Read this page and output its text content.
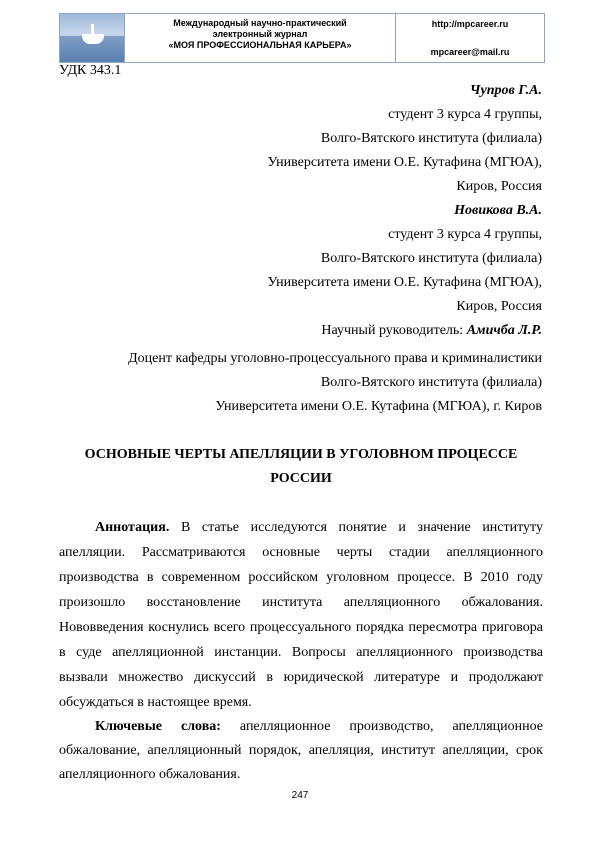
Международный научно-практический
электронный журнал
«МОЯ ПРОФЕССИОНАЛЬНАЯ КАРЬЕРА»
http://mpcareer.ru
mpcareer@mail.ru
УДК 343.1
Чупров Г.А.
студент 3 курса 4 группы,
Волго-Вятского института (филиала)
Университета имени О.Е. Кутафина (МГЮА),
Киров, Россия
Новикова В.А.
студент 3 курса 4 группы,
Волго-Вятского института (филиала)
Университета имени О.Е. Кутафина (МГЮА),
Киров, Россия
Научный руководитель: Амичба Л.Р.
Доцент кафедры уголовно-процессуального права и криминалистики
Волго-Вятского института (филиала)
Университета имени О.Е. Кутафина (МГЮА), г. Киров
ОСНОВНЫЕ ЧЕРТЫ АПЕЛЛЯЦИИ В УГОЛОВНОМ ПРОЦЕССЕ
РОССИИ
Аннотация. В статье исследуются понятие и значение институту
апелляции. Рассматриваются основные черты стадии апелляционного
производства в современном российском уголовном процессе. В 2010 году
произошло восстановление института апелляционного обжалования.
Нововведения коснулись всего процессуального порядка пересмотра приговора
в суде апелляционной инстанции. Вопросы апелляционного производства
вызвали множество дискуссий в юридической литературе и продолжают
обсуждаться в настоящее время.
Ключевые слова: апелляционное производство, апелляционное
обжалование, апелляционный порядок, апелляция, институт апелляции, срок
апелляционного обжалования.
247
